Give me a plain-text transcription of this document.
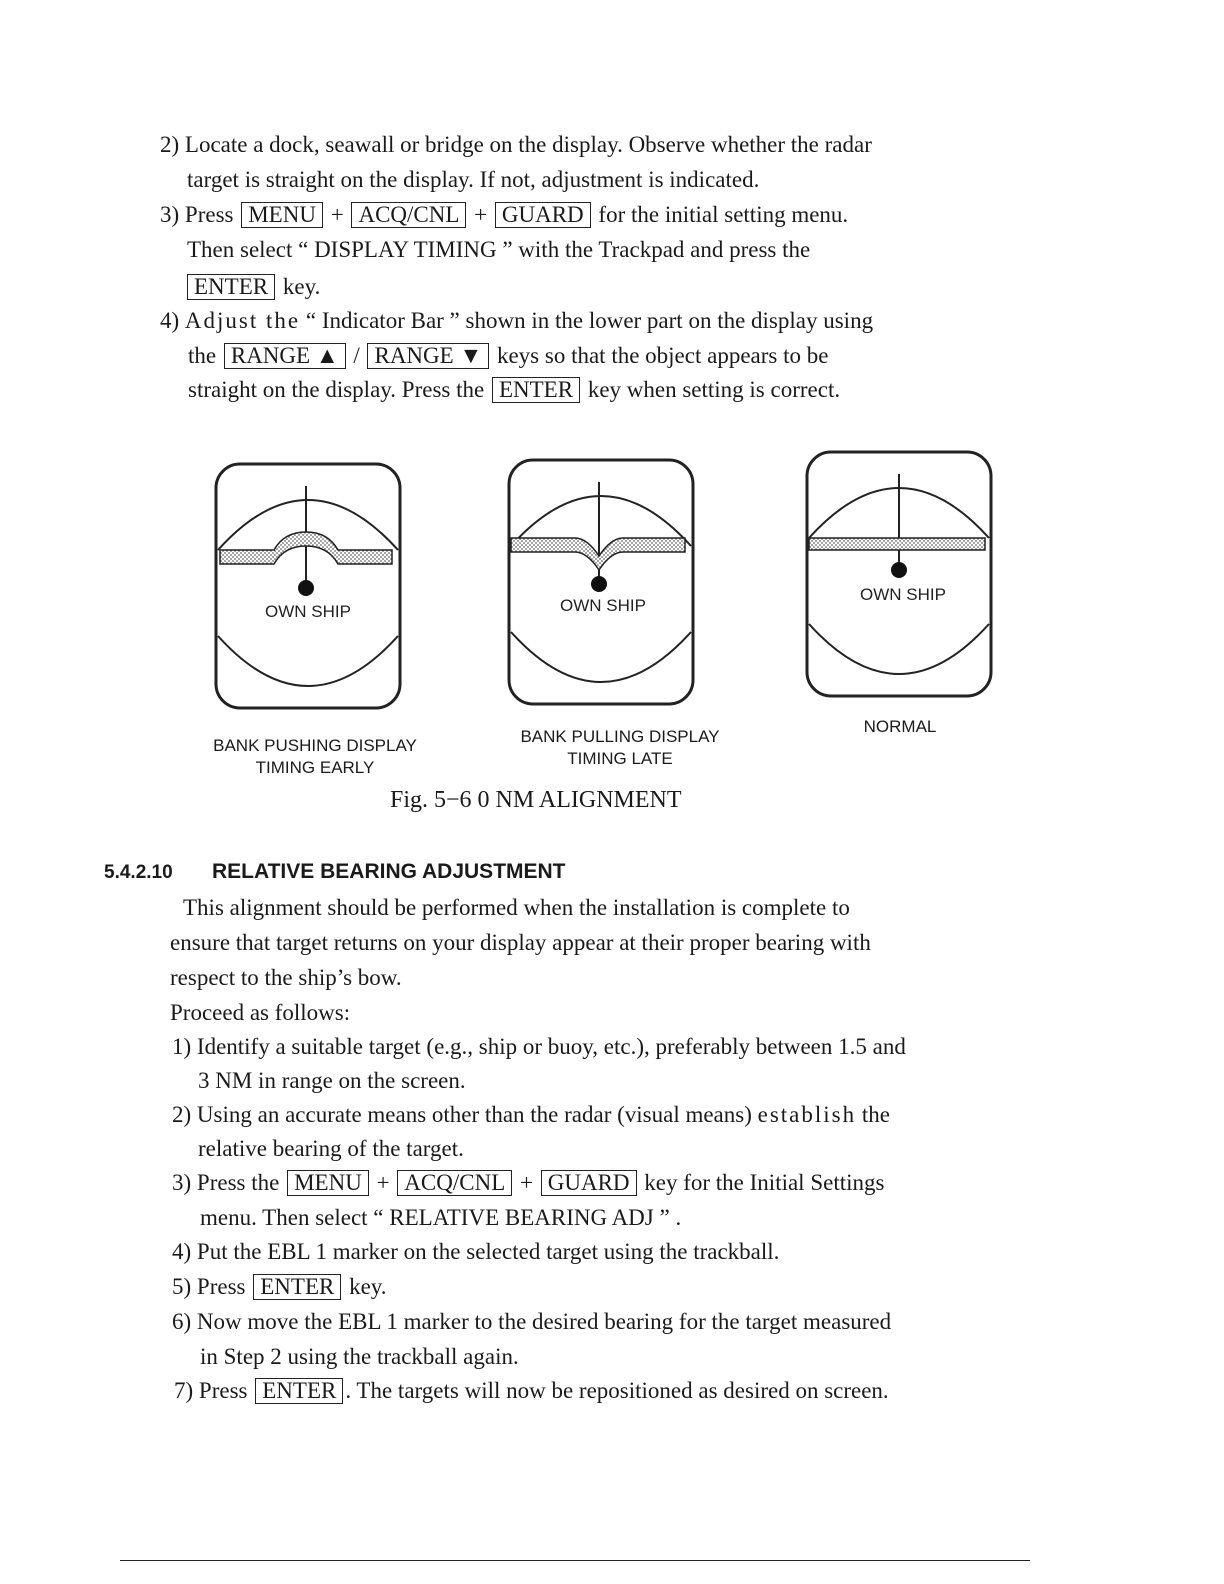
2) Locate a dock, seawall or bridge on the display. Observe whether the radar
target is straight on the display. If not, adjustment is indicated.
3) Press MENU + ACQ/CNL + GUARD for the initial setting menu.
Then select “ DISPLAY TIMING ” with the Trackpad and press the
ENTER key.
4) Adjust the “ Indicator Bar ” shown in the lower part on the display using
the RANGE ▲ / RANGE ▼ keys so that the object appears to be
straight on the display. Press the ENTER key when setting is correct.
OWN SHIP	OWN SHIP
OWN SHIP
BANK PUSHING DISPLAY
TIMING EARLY
BANK PULLING DISPLAY
TIMING LATE
NORMAL
Fig. 5−6 0 NM ALIGNMENT
5.4.2.10 RELATIVE BEARING ADJUSTMENT
This alignment should be performed when the installation is complete to
ensure that target returns on your display appear at their proper bearing with
respect to the ship’s bow.
Proceed as follows:
1) Identify a suitable target (e.g., ship or buoy, etc.), preferably between 1.5 and
3 NM in range on the screen.
2) Using an accurate means other than the radar (visual means) establish the
relative bearing of the target.
3) Press the MENU + ACQ/CNL + GUARD key for the Initial Settings
menu. Then select “ RELATIVE BEARING ADJ ” .
4) Put the EBL 1 marker on the selected target using the trackball.
5) Press ENTER key.
6) Now move the EBL 1 marker to the desired bearing for the target measured
in Step 2 using the trackball again.
7) Press ENTER . The targets will now be repositioned as desired on screen.
